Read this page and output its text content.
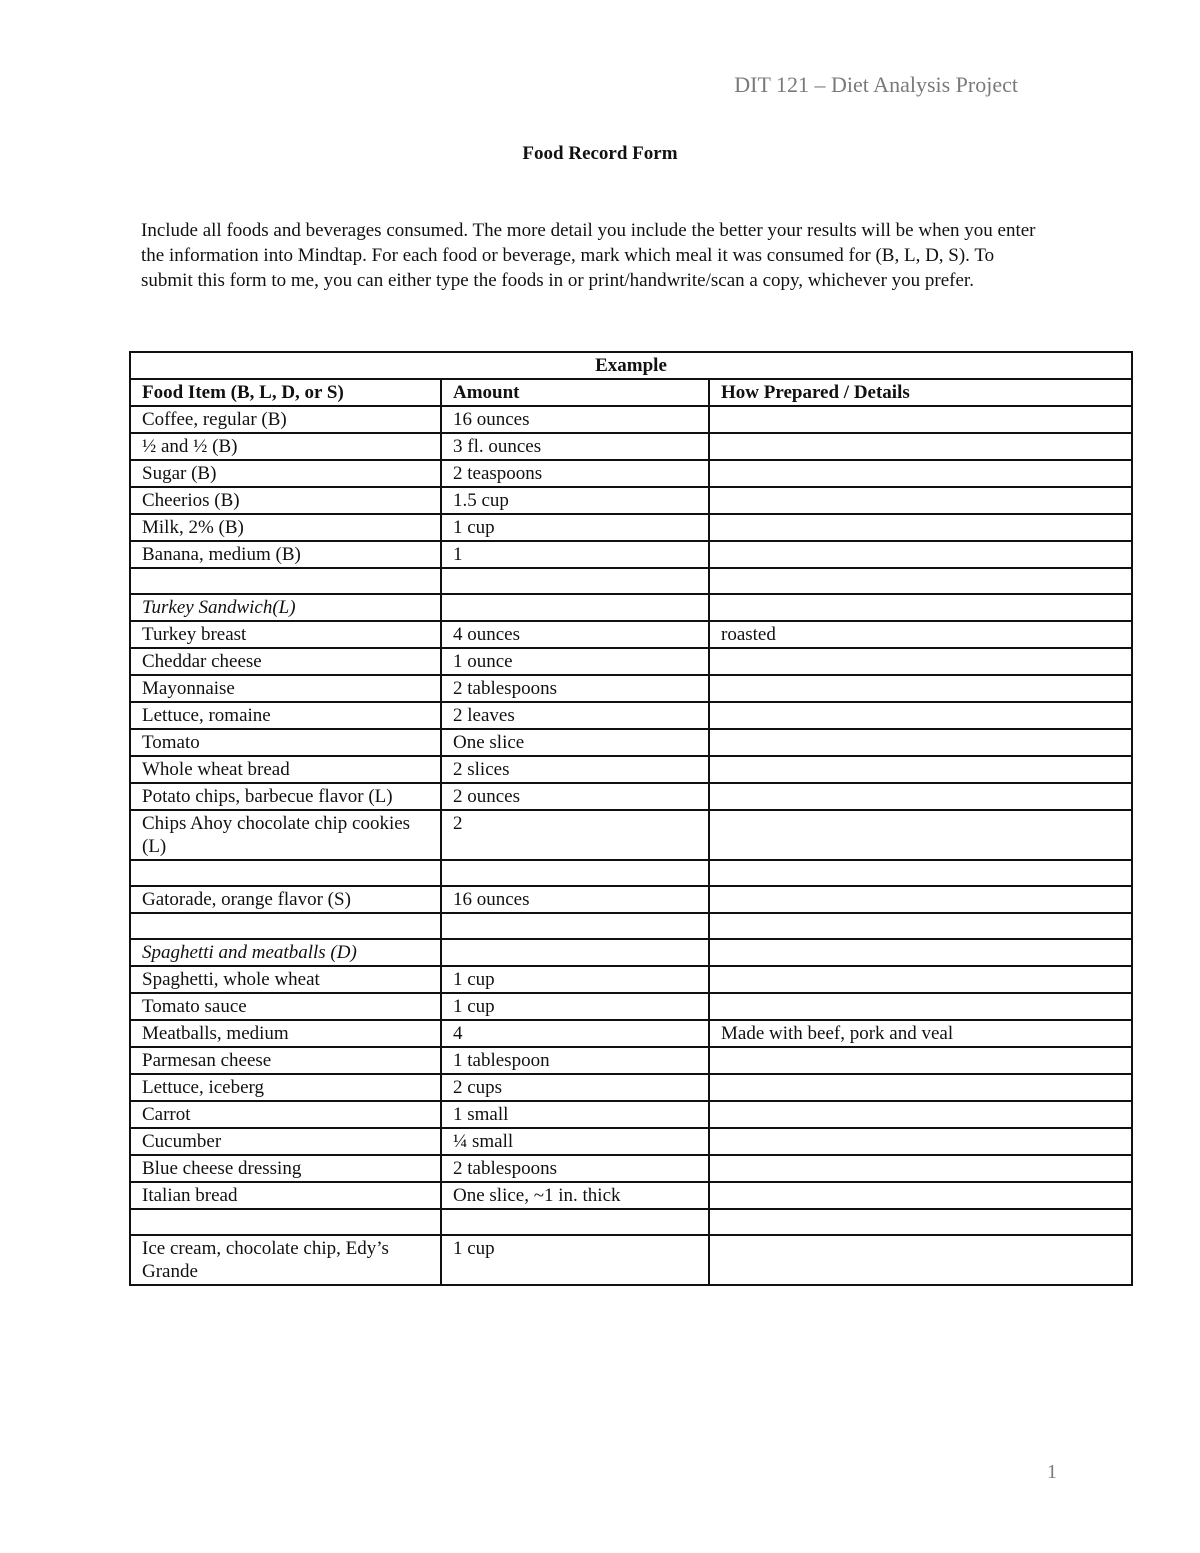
DIT 121 – Diet Analysis Project
Food Record Form

Include all foods and beverages consumed. The more detail you include the better your results will be when you enter the information into Mindtap. For each food or beverage, mark which meal it was consumed for (B, L, D, S). To submit this form to me, you can either type the foods in or print/handwrite/scan a copy, whichever you prefer.

Example		
Food Item (B, L, D, or S)	Amount	How Prepared / Details
Coffee, regular (B)	16 ounces	
½ and ½ (B)	3 fl. ounces	
Sugar (B)	2 teaspoons	
Cheerios (B)	1.5 cup	
Milk, 2% (B)	1 cup	
Banana, medium (B)	1	

Turkey Sandwich(L)		
Turkey breast	4 ounces	roasted
Cheddar cheese	1 ounce	
Mayonnaise	2 tablespoons	
Lettuce, romaine	2 leaves	
Tomato	One slice	
Whole wheat bread	2 slices	
Potato chips, barbecue flavor (L)	2 ounces	
Chips Ahoy chocolate chip cookies (L)	2	

Gatorade, orange flavor (S)	16 ounces	

Spaghetti and meatballs (D)		
Spaghetti, whole wheat	1 cup	
Tomato sauce	1 cup	
Meatballs, medium	4	Made with beef, pork and veal
Parmesan cheese	1 tablespoon	
Lettuce, iceberg	2 cups	
Carrot	1 small	
Cucumber	¼ small	
Blue cheese dressing	2 tablespoons	
Italian bread	One slice, ~1 in. thick	

Ice cream, chocolate chip, Edy’s Grande	1 cup	
1
